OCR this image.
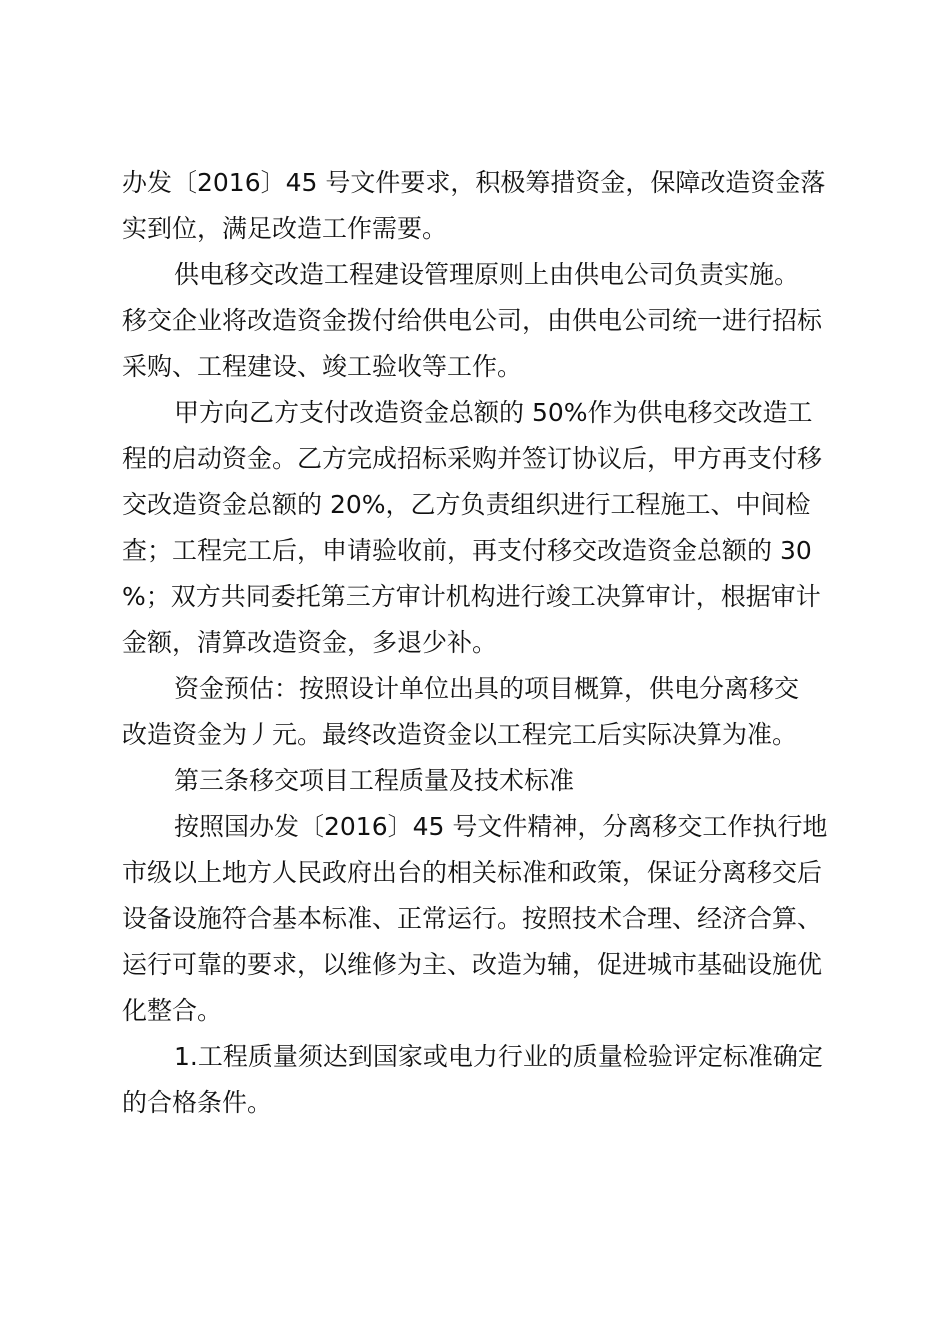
办发〔2016〕45 号文件要求，积极筹措资金，保障改造资金落
实到位，满足改造工作需要。
供电移交改造工程建设管理原则上由供电公司负责实施。
移交企业将改造资金拨付给供电公司，由供电公司统一进行招标
采购、工程建设、竣工验收等工作。
甲方向乙方支付改造资金总额的 50%作为供电移交改造工
程的启动资金。乙方完成招标采购并签订协议后，甲方再支付移
交改造资金总额的 20%，乙方负责组织进行工程施工、中间检
查；工程完工后，申请验收前，再支付移交改造资金总额的 30
%；双方共同委托第三方审计机构进行竣工决算审计，根据审计
金额，清算改造资金，多退少补。
资金预估：按照设计单位出具的项目概算，供电分离移交
改造资金为丿元。最终改造资金以工程完工后实际决算为准。
第三条移交项目工程质量及技术标准
按照国办发〔2016〕45 号文件精神，分离移交工作执行地
市级以上地方人民政府出台的相关标准和政策，保证分离移交后
设备设施符合基本标准、正常运行。按照技术合理、经济合算、
运行可靠的要求，以维修为主、改造为辅，促进城市基础设施优
化整合。
1.工程质量须达到国家或电力行业的质量检验评定标准确定
的合格条件。
